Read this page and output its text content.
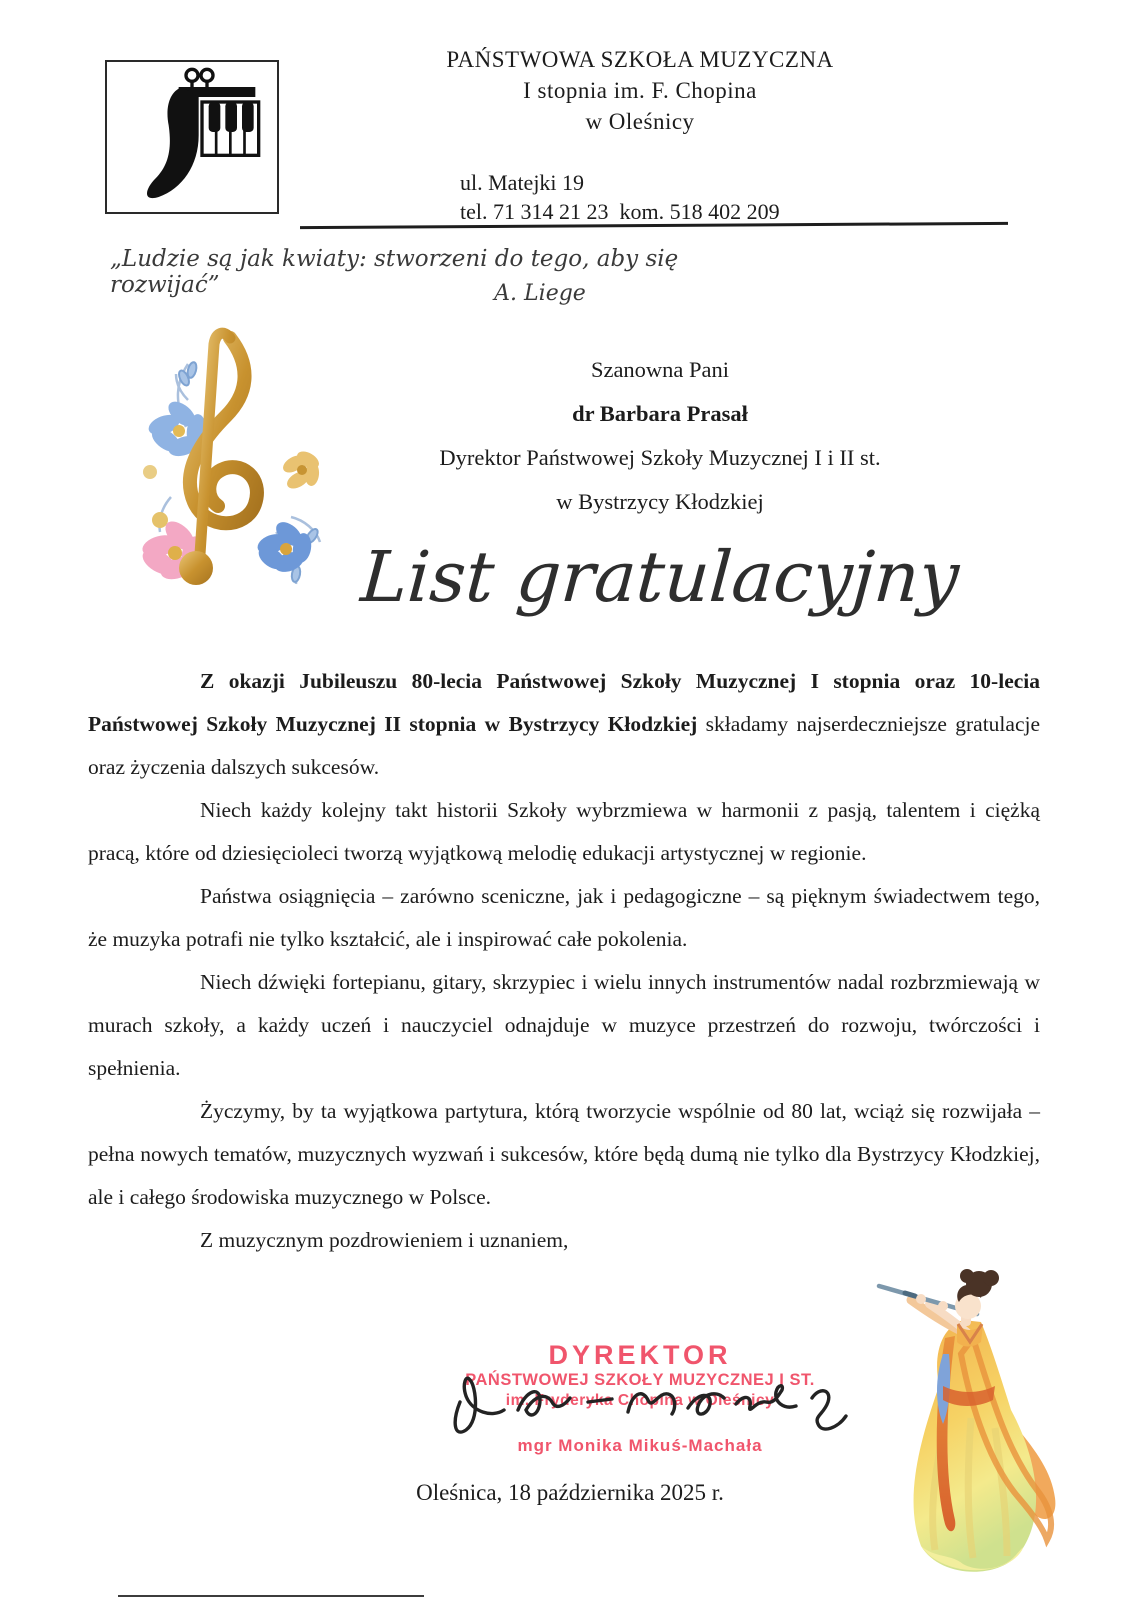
PAŃSTWOWA SZKOŁA MUZYCZNA
I stopnia im. F. Chopina
w Oleśnicy
ul. Matejki 19
tel. 71 314 21 23  kom. 518 402 209
„Ludzie są jak kwiaty: stworzeni do tego, aby się rozwijać”	A. Liege
Szanowna Pani
dr Barbara Prasał
Dyrektor Państwowej Szkoły Muzycznej I i II st.
w Bystrzycy Kłodzkiej
List gratulacyjny

Z okazji Jubileuszu 80-lecia Państwowej Szkoły Muzycznej I stopnia oraz 10-lecia Państwowej Szkoły Muzycznej II stopnia w Bystrzycy Kłodzkiej składamy najserdeczniejsze gratulacje oraz życzenia dalszych sukcesów.

Niech każdy kolejny takt historii Szkoły wybrzmiewa w harmonii z pasją, talentem i ciężką pracą, które od dziesięcioleci tworzą wyjątkową melodię edukacji artystycznej w regionie.

Państwa osiągnięcia – zarówno sceniczne, jak i pedagogiczne – są pięknym świadectwem tego, że muzyka potrafi nie tylko kształcić, ale i inspirować całe pokolenia.

Niech dźwięki fortepianu, gitary, skrzypiec i wielu innych instrumentów nadal rozbrzmiewają w murach szkoły, a każdy uczeń i nauczyciel odnajduje w muzyce przestrzeń do rozwoju, twórczości i spełnienia.

Życzymy, by ta wyjątkowa partytura, którą tworzycie wspólnie od 80 lat, wciąż się rozwijała – pełna nowych tematów, muzycznych wyzwań i sukcesów, które będą dumą nie tylko dla Bystrzycy Kłodzkiej, ale i całego środowiska muzycznego w Polsce.

Z muzycznym pozdrowieniem i uznaniem,

DYREKTOR
PAŃSTWOWEJ SZKOŁY MUZYCZNEJ I ST.
im. Fryderyka Chopina w Oleśnicy
mgr Monika Mikuś-Machała
Oleśnica, 18 października 2025 r.
